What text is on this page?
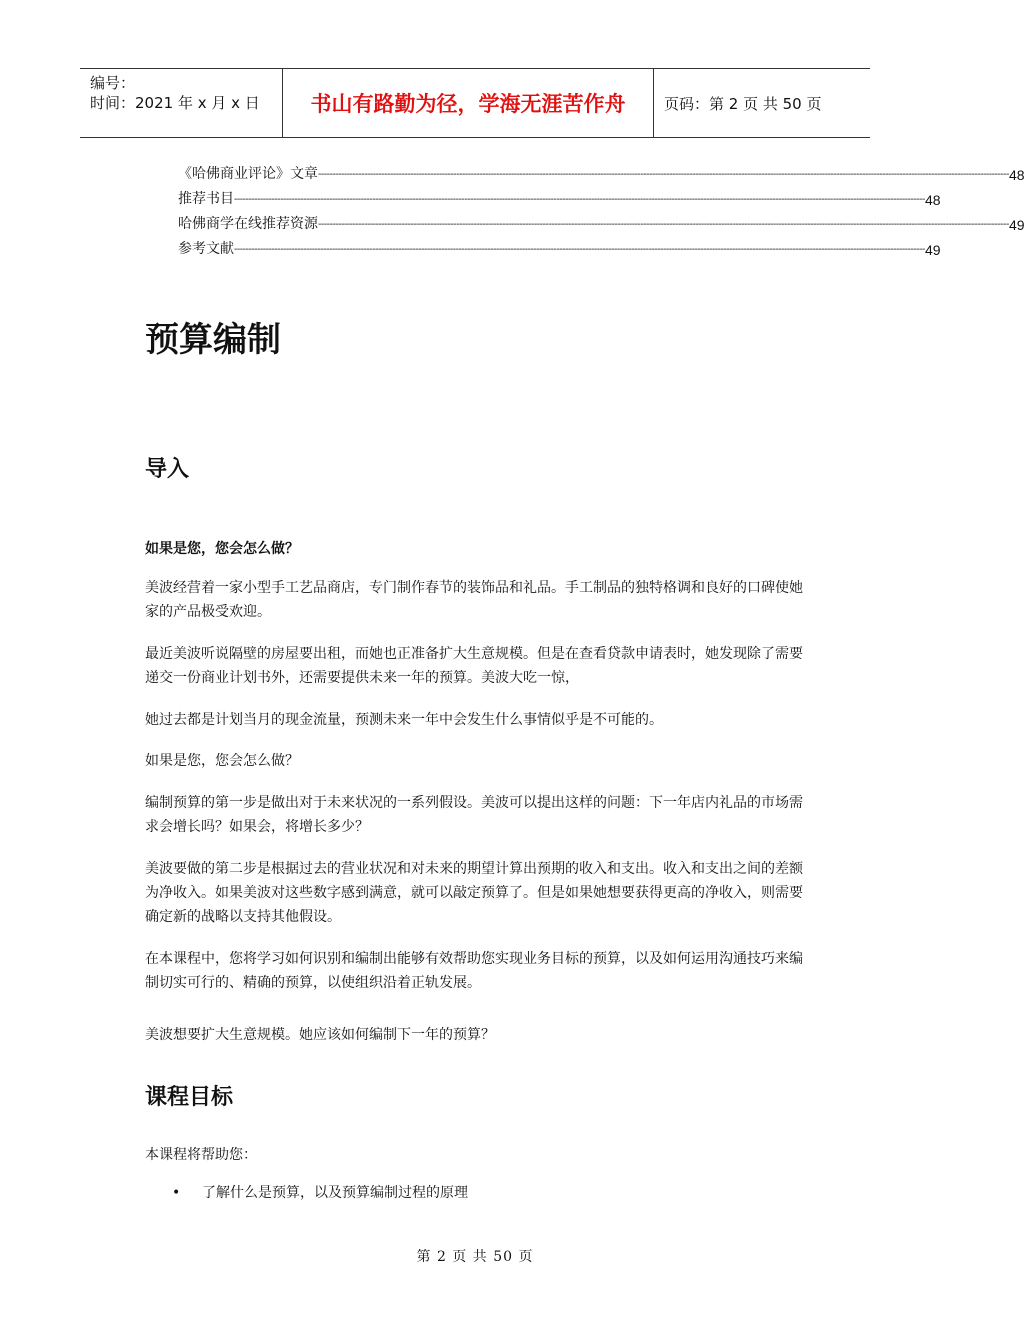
编号：
时间：2021 年 x 月 x 日	书山有路勤为径，学海无涯苦作舟	页码：第 2 页 共 50 页
《哈佛商业评论》文章 ------------------------------------------------------------------------------------------------------------------------------------------------------------------------------------------------------------------------------------------------ 48
推荐书目 ------------------------------------------------------------------------------------------------------------------------------------------------------------------------------------------------------------------------------------------------ 48
哈佛商学在线推荐资源 ------------------------------------------------------------------------------------------------------------------------------------------------------------------------------------------------------------------------------------------------ 49
参考文献 ------------------------------------------------------------------------------------------------------------------------------------------------------------------------------------------------------------------------------------------------ 49
预算编制
导入
如果是您，您会怎么做？
美波经营着一家小型手工艺品商店，专门制作春节的装饰品和礼品。手工制品的独特格调和良好的口碑使她家的产品极受欢迎。
最近美波听说隔壁的房屋要出租，而她也正准备扩大生意规模。但是在查看贷款申请表时，她发现除了需要递交一份商业计划书外，还需要提供未来一年的预算。美波大吃一惊，
她过去都是计划当月的现金流量，预测未来一年中会发生什么事情似乎是不可能的。
如果是您，您会怎么做？
编制预算的第一步是做出对于未来状况的一系列假设。美波可以提出这样的问题：下一年店内礼品的市场需求会增长吗？如果会，将增长多少？
美波要做的第二步是根据过去的营业状况和对未来的期望计算出预期的收入和支出。收入和支出之间的差额为净收入。如果美波对这些数字感到满意，就可以敲定预算了。但是如果她想要获得更高的净收入，则需要确定新的战略以支持其他假设。
在本课程中，您将学习如何识别和编制出能够有效帮助您实现业务目标的预算，以及如何运用沟通技巧来编制切实可行的、精确的预算，以使组织沿着正轨发展。
美波想要扩大生意规模。她应该如何编制下一年的预算？
课程目标
本课程将帮助您：
•	了解什么是预算，以及预算编制过程的原理
第 2 页 共 50 页
